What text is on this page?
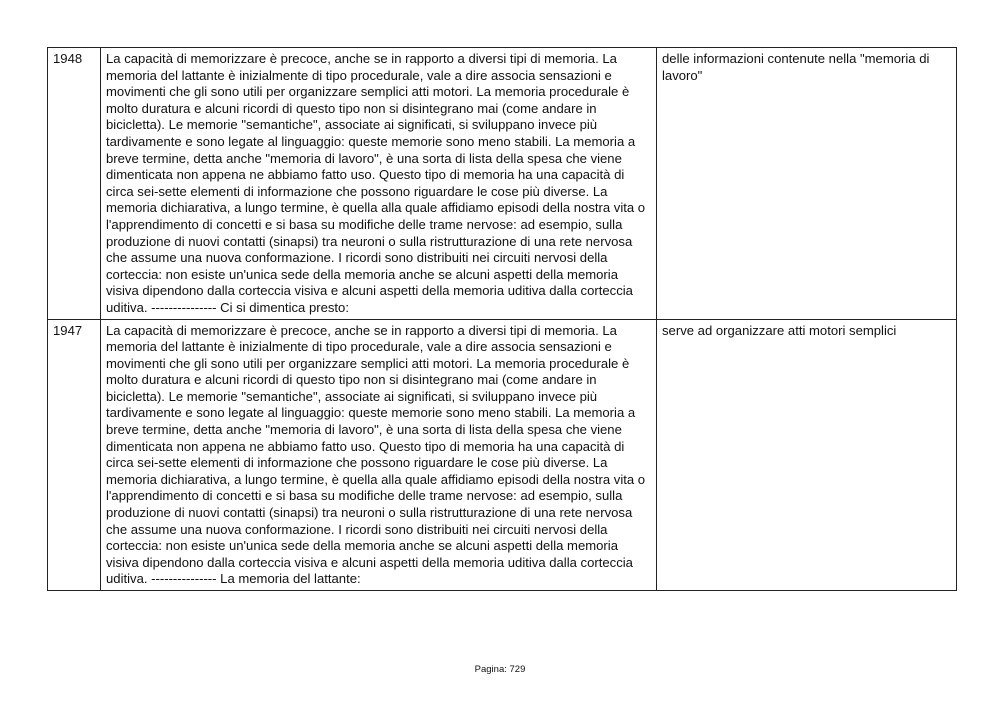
1948	La capacità di memorizzare è precoce, anche se in rapporto a diversi tipi di memoria. La memoria del lattante è inizialmente di tipo procedurale, vale a dire associa sensazioni e movimenti che gli sono utili per organizzare semplici atti motori. La memoria procedurale è molto duratura e alcuni ricordi di questo tipo non si disintegrano mai (come andare in bicicletta). Le memorie "semantiche", associate ai significati, si sviluppano invece più tardivamente e sono legate al linguaggio: queste memorie sono meno stabili. La memoria a breve termine, detta anche "memoria di lavoro", è una sorta di lista della spesa che viene dimenticata non appena ne abbiamo fatto uso. Questo tipo di memoria ha una capacità di circa sei-sette elementi di informazione che possono riguardare le cose più diverse. La memoria dichiarativa, a lungo termine, è quella alla quale affidiamo episodi della nostra vita o l'apprendimento di concetti e si basa su modifiche delle trame nervose: ad esempio, sulla produzione di nuovi contatti (sinapsi) tra neuroni o sulla ristrutturazione di una rete nervosa che assume una nuova conformazione. I ricordi sono distribuiti nei circuiti nervosi della corteccia: non esiste un'unica sede della memoria anche se alcuni aspetti della memoria visiva dipendono dalla corteccia visiva e alcuni aspetti della memoria uditiva dalla corteccia uditiva. --------------- Ci si dimentica presto:	delle informazioni contenute nella "memoria di lavoro"
1947	La capacità di memorizzare è precoce, anche se in rapporto a diversi tipi di memoria. La memoria del lattante è inizialmente di tipo procedurale, vale a dire associa sensazioni e movimenti che gli sono utili per organizzare semplici atti motori. La memoria procedurale è molto duratura e alcuni ricordi di questo tipo non si disintegrano mai (come andare in bicicletta). Le memorie "semantiche", associate ai significati, si sviluppano invece più tardivamente e sono legate al linguaggio: queste memorie sono meno stabili. La memoria a breve termine, detta anche "memoria di lavoro", è una sorta di lista della spesa che viene dimenticata non appena ne abbiamo fatto uso. Questo tipo di memoria ha una capacità di circa sei-sette elementi di informazione che possono riguardare le cose più diverse. La memoria dichiarativa, a lungo termine, è quella alla quale affidiamo episodi della nostra vita o l'apprendimento di concetti e si basa su modifiche delle trame nervose: ad esempio, sulla produzione di nuovi contatti (sinapsi) tra neuroni o sulla ristrutturazione di una rete nervosa che assume una nuova conformazione. I ricordi sono distribuiti nei circuiti nervosi della corteccia: non esiste un'unica sede della memoria anche se alcuni aspetti della memoria visiva dipendono dalla corteccia visiva e alcuni aspetti della memoria uditiva dalla corteccia uditiva. --------------- La memoria del lattante:	serve ad organizzare atti motori semplici
Pagina: 729
